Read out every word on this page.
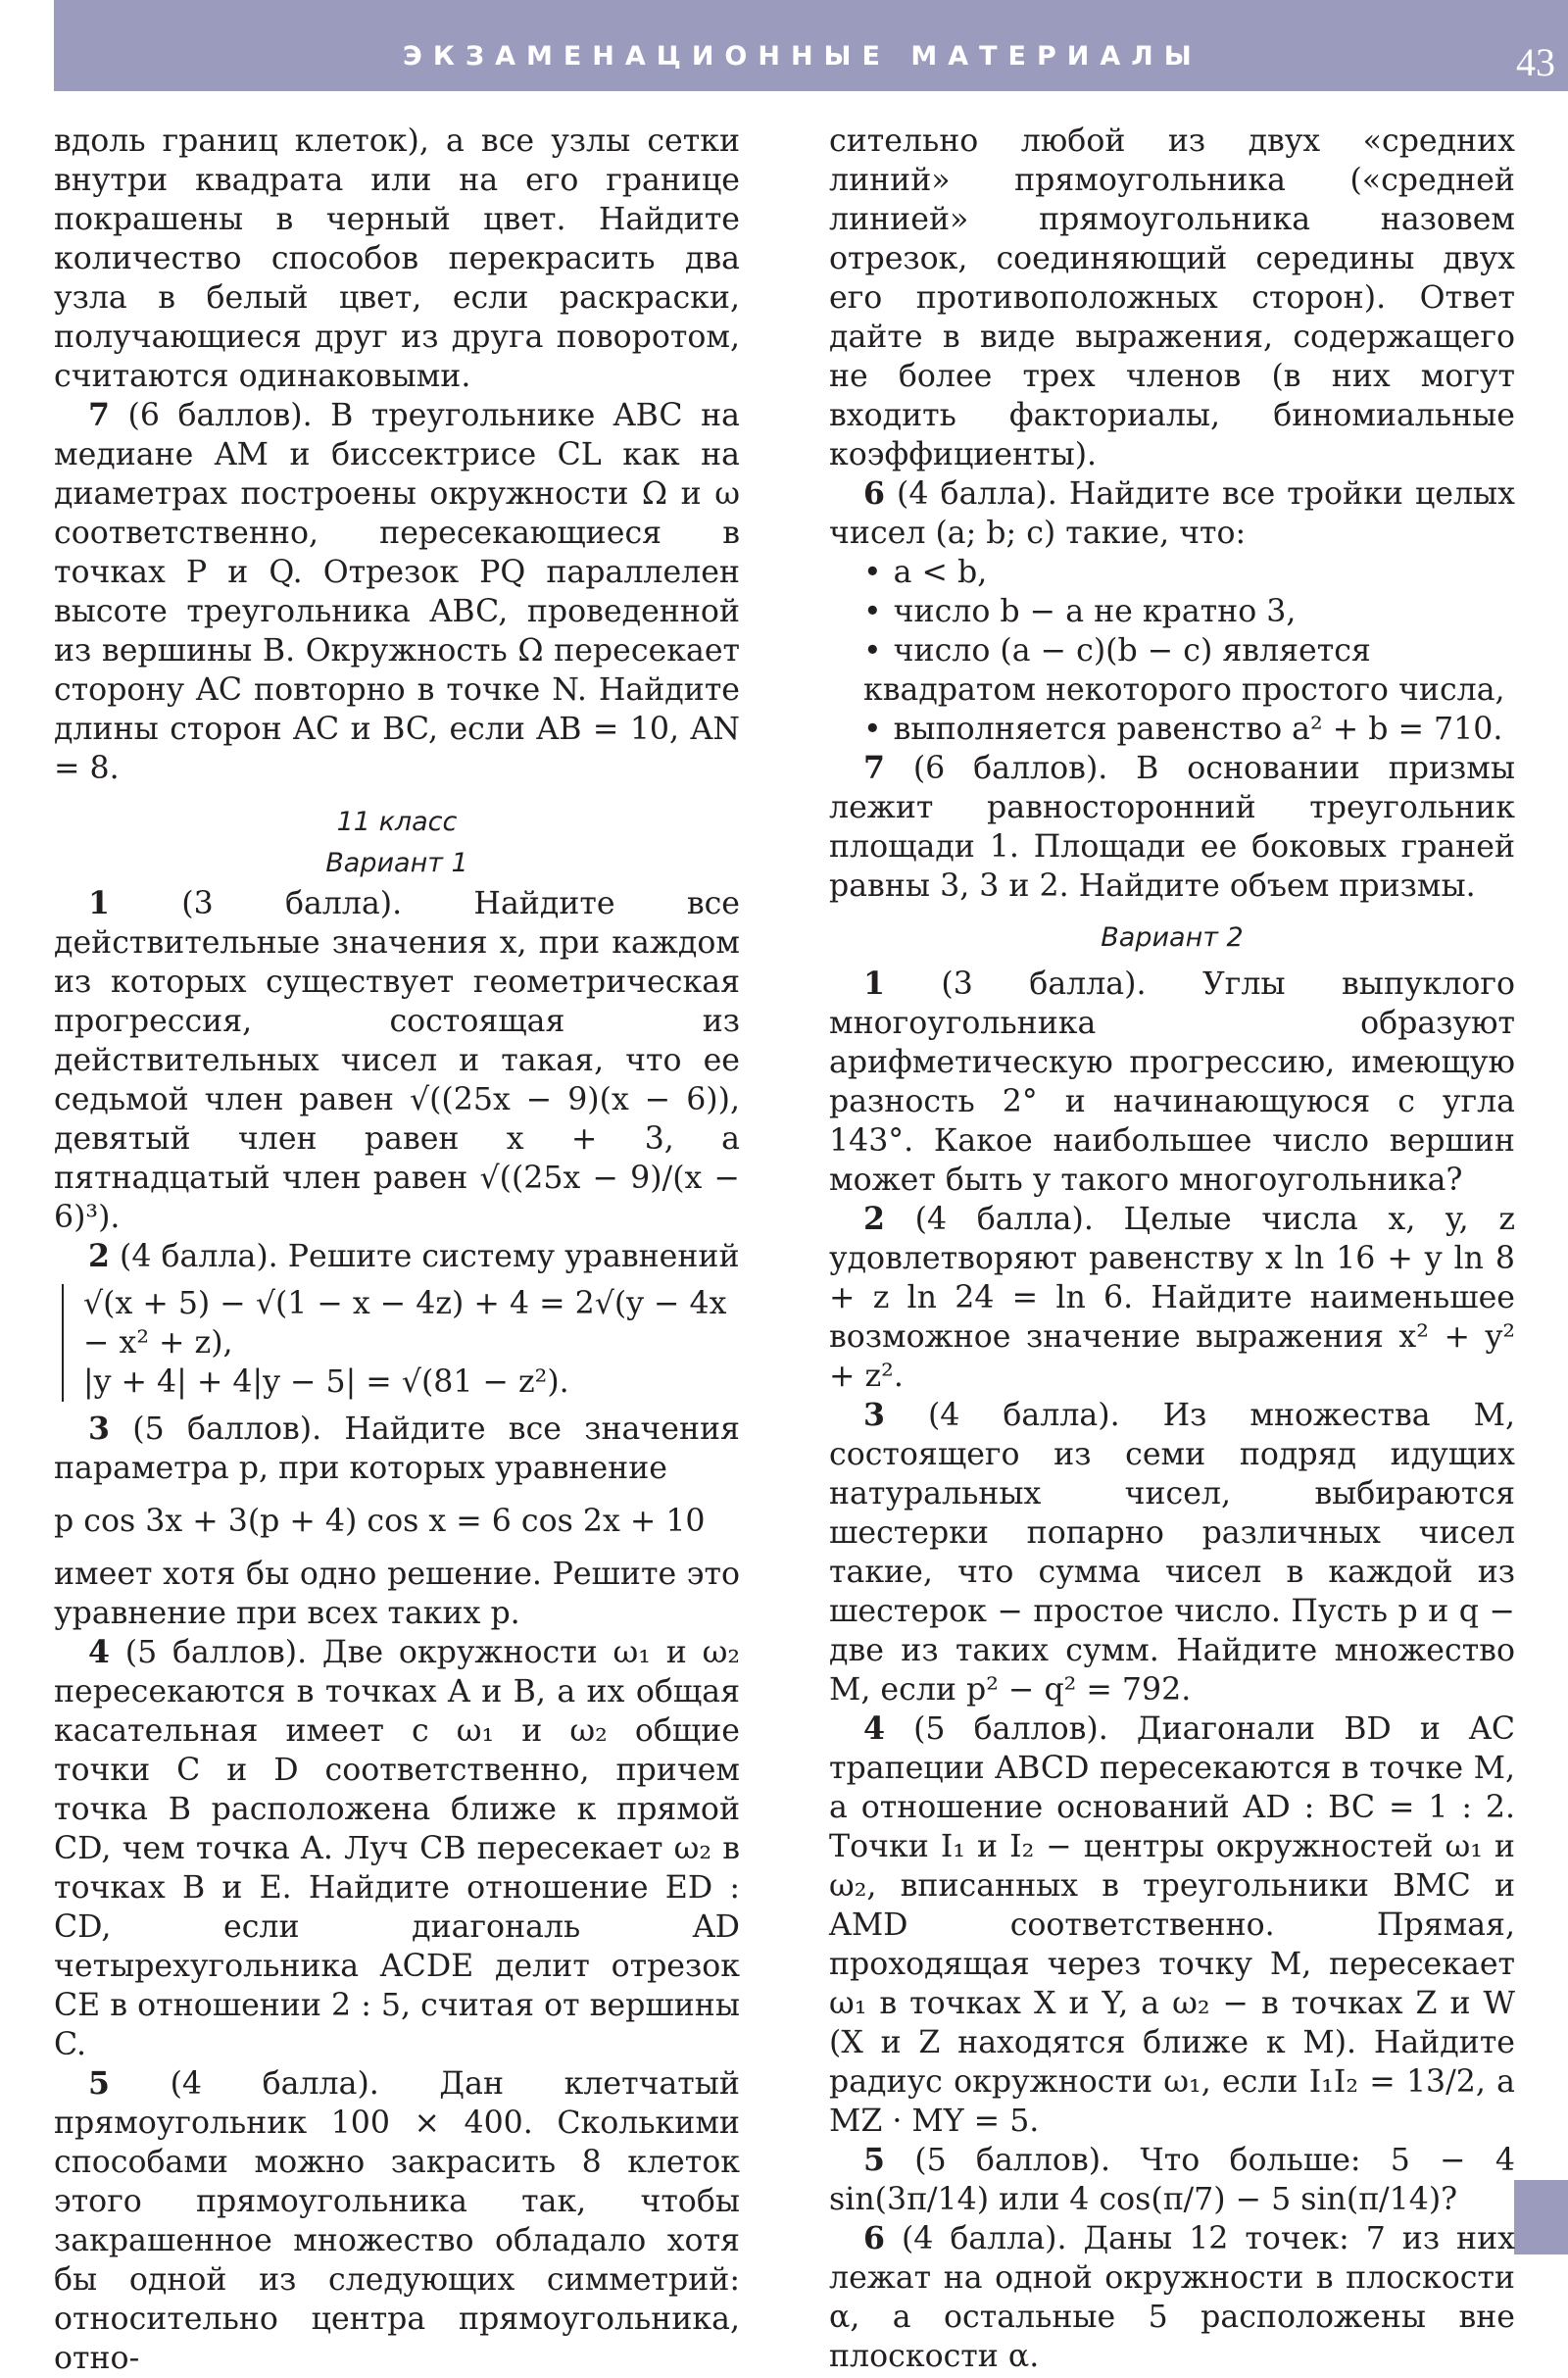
ЭКЗАМЕНАЦИОННЫЕ МАТЕРИАЛЫ	43

вдоль границ клеток), а все узлы сетки внутри квадрата или на его границе покрашены в черный цвет. Найдите количество способов перекрасить два узла в белый цвет, если раскраски, получающиеся друг из друга поворотом, считаются одинаковыми.

7 (6 баллов). В треугольнике ABC на медиане AM и биссектрисе CL как на диаметрах построены окружности Ω и ω соответственно, пересекающиеся в точках P и Q. Отрезок PQ параллелен высоте треугольника ABC, проведенной из вершины B. Окружность Ω пересекает сторону AC повторно в точке N. Найдите длины сторон AC и BC, если AB = 10, AN = 8.

11 класс
Вариант 1

1 (3 балла). Найдите все действительные значения x, при каждом из которых существует геометрическая прогрессия, состоящая из действительных чисел и такая, что ее седьмой член равен √((25x − 9)(x − 6)), девятый член равен x + 3, а пятнадцатый член равен √((25x − 9)/(x − 6)³).

2 (4 балла). Решите систему уравнений

√(x + 5) − √(1 − x − 4z) + 4 = 2√(y − 4x − x² + z),
|y + 4| + 4|y − 5| = √(81 − z²).

3 (5 баллов). Найдите все значения параметра p, при которых уравнение

p cos 3x + 3(p + 4) cos x = 6 cos 2x + 10

имеет хотя бы одно решение. Решите это уравнение при всех таких p.

4 (5 баллов). Две окружности ω₁ и ω₂ пересекаются в точках A и B, а их общая касательная имеет с ω₁ и ω₂ общие точки C и D соответственно, причем точка B расположена ближе к прямой CD, чем точка A. Луч CB пересекает ω₂ в точках B и E. Найдите отношение ED : CD, если диагональ AD четырехугольника ACDE делит отрезок CE в отношении 2 : 5, считая от вершины C.

5 (4 балла). Дан клетчатый прямоугольник 100 × 400. Сколькими способами можно закрасить 8 клеток этого прямоугольника так, чтобы закрашенное множество обладало хотя бы одной из следующих симметрий: относительно центра прямоугольника, отно-

сительно любой из двух «средних линий» прямоугольника («средней линией» прямоугольника назовем отрезок, соединяющий середины двух его противоположных сторон). Ответ дайте в виде выражения, содержащего не более трех членов (в них могут входить факториалы, биномиальные коэффициенты).

6 (4 балла). Найдите все тройки целых чисел (a; b; c) такие, что:

• a < b,
• число b − a не кратно 3,
• число (a − c)(b − c) является квадратом некоторого простого числа,
• выполняется равенство a² + b = 710.

7 (6 баллов). В основании призмы лежит равносторонний треугольник площади 1. Площади ее боковых граней равны 3, 3 и 2. Найдите объем призмы.

Вариант 2

1 (3 балла). Углы выпуклого многоугольника образуют арифметическую прогрессию, имеющую разность 2° и начинающуюся с угла 143°. Какое наибольшее число вершин может быть у такого многоугольника?

2 (4 балла). Целые числа x, y, z удовлетворяют равенству x ln 16 + y ln 8 + z ln 24 = ln 6. Найдите наименьшее возможное значение выражения x² + y² + z².

3 (4 балла). Из множества M, состоящего из семи подряд идущих натуральных чисел, выбираются шестерки попарно различных чисел такие, что сумма чисел в каждой из шестерок − простое число. Пусть p и q − две из таких сумм. Найдите множество M, если p² − q² = 792.

4 (5 баллов). Диагонали BD и AC трапеции ABCD пересекаются в точке M, а отношение оснований AD : BC = 1 : 2. Точки I₁ и I₂ − центры окружностей ω₁ и ω₂, вписанных в треугольники BMC и AMD соответственно. Прямая, проходящая через точку M, пересекает ω₁ в точках X и Y, а ω₂ − в точках Z и W (X и Z находятся ближе к M). Найдите радиус окружности ω₁, если I₁I₂ = 13/2, а MZ · MY = 5.

5 (5 баллов). Что больше: 5 − 4 sin(3π/14) или 4 cos(π/7) − 5 sin(π/14)?

6 (4 балла). Даны 12 точек: 7 из них лежат на одной окружности в плоскости α, а остальные 5 расположены вне плоскости α.
